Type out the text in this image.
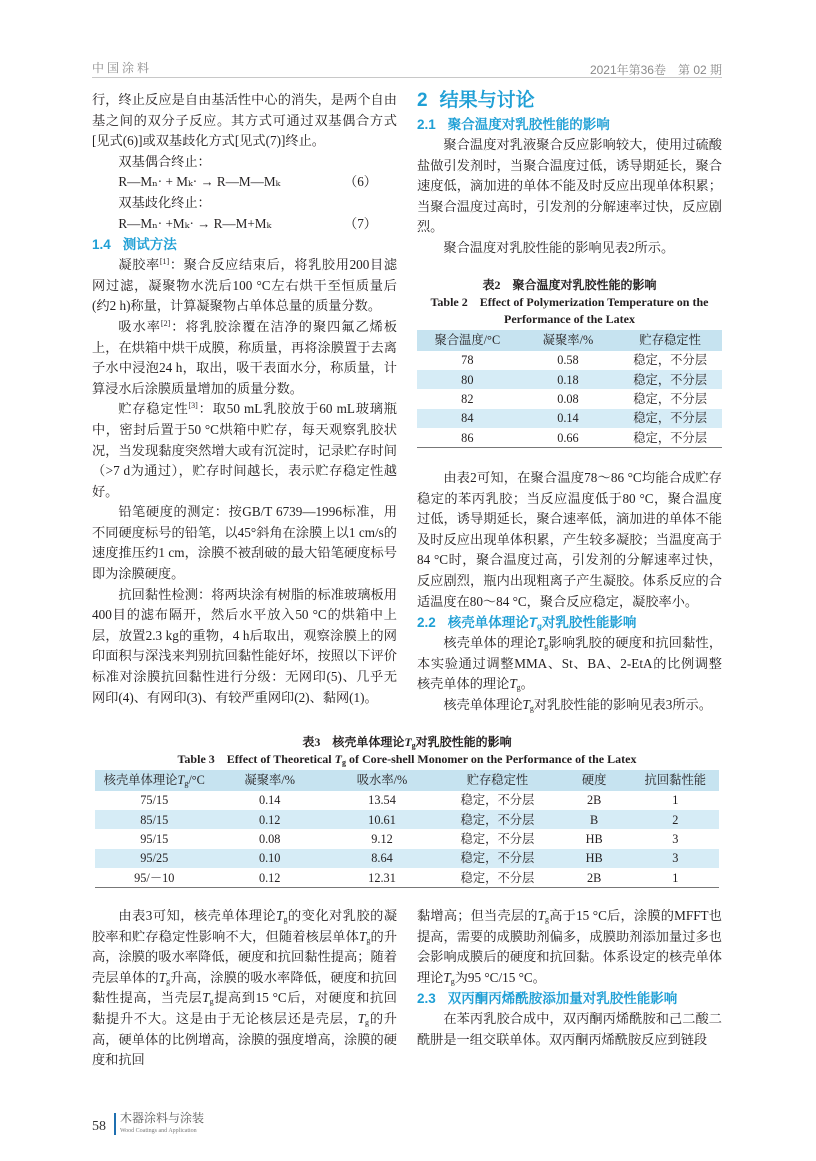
中国涂料	2021年第36卷　第 02 期
行，终止反应是自由基活性中心的消失，是两个自由基之间的双分子反应。其方式可通过双基偶合方式[见式(6)]或双基歧化方式[见式(7)]终止。
双基偶合终止：
R—Mₙ· + Mₖ· → R—M—Mₖ	（6）
双基歧化终止：
R—Mₙ· +Mₖ· → R—M+Mₖ	（7）
1.4 测试方法
凝胶率[1]：聚合反应结束后，将乳胶用200目滤网过滤，凝聚物水洗后100 °C左右烘干至恒质量后(约2 h)称量，计算凝聚物占单体总量的质量分数。
吸水率[2]：将乳胶涂覆在洁净的聚四氟乙烯板上，在烘箱中烘干成膜，称质量，再将涂膜置于去离子水中浸泡24 h，取出，吸干表面水分，称质量，计算浸水后涂膜质量增加的质量分数。
贮存稳定性[3]：取50 mL乳胶放于60 mL玻璃瓶中，密封后置于50 °C烘箱中贮存，每天观察乳胶状况，当发现黏度突然增大或有沉淀时，记录贮存时间（>7 d为通过），贮存时间越长，表示贮存稳定性越好。
铅笔硬度的测定：按GB/T 6739—1996标准，用不同硬度标号的铅笔，以45°斜角在涂膜上以1 cm/s的速度推压约1 cm，涂膜不被刮破的最大铅笔硬度标号即为涂膜硬度。
抗回黏性检测：将两块涂有树脂的标准玻璃板用400目的滤布隔开，然后水平放入50 °C的烘箱中上层，放置2.3 kg的重物，4 h后取出，观察涂膜上的网印面积与深浅来判别抗回黏性能好坏，按照以下评价标准对涂膜抗回黏性进行分级：无网印(5)、几乎无网印(4)、有网印(3)、有较严重网印(2)、黏网(1)。
2 结果与讨论
2.1 聚合温度对乳胶性能的影响
聚合温度对乳液聚合反应影响较大，使用过硫酸盐做引发剂时，当聚合温度过低，诱导期延长，聚合速度低，滴加进的单体不能及时反应出现单体积累；当聚合温度过高时，引发剂的分解速率过快，反应剧烈。
聚合温度对乳胶性能的影响见表2所示。
表2　聚合温度对乳胶性能的影响
Table 2　Effect of Polymerization Temperature on the Performance of the Latex
聚合温度/°C	凝聚率/%	贮存稳定性
78	0.58	稳定，不分层
80	0.18	稳定，不分层
82	0.08	稳定，不分层
84	0.14	稳定，不分层
86	0.66	稳定，不分层
由表2可知，在聚合温度78～86 °C均能合成贮存稳定的苯丙乳胶；当反应温度低于80 °C，聚合温度过低，诱导期延长，聚合速率低，滴加进的单体不能及时反应出现单体积累，产生较多凝胶；当温度高于84 °C时，聚合温度过高，引发剂的分解速率过快，反应剧烈，瓶内出现粗离子产生凝胶。体系反应的合适温度在80～84 °C，聚合反应稳定，凝胶率小。
2.2 核壳单体理论$T_g$对乳胶性能影响
核壳单体的理论$T_g$影响乳胶的硬度和抗回黏性，本实验通过调整MMA、St、BA、2-EtA的比例调整核壳单体的理论$T_g$。
核壳单体理论$T_g$对乳胶性能的影响见表3所示。
表3　核壳单体理论$T_g$对乳胶性能的影响
Table 3　Effect of Theoretical $T_g$ of Core-shell Monomer on the Performance of the Latex
核壳单体理论$T_g/^\circ C$	凝聚率/%	吸水率/%	贮存稳定性	硬度	抗回黏性能
75/15	0.14	13.54	稳定，不分层	2B	1
85/15	0.12	10.61	稳定，不分层	B	2
95/15	0.08	9.12	稳定，不分层	HB	3
95/25	0.10	8.64	稳定，不分层	HB	3
95/－10	0.12	12.31	稳定，不分层	2B	1
由表3可知，核壳单体理论$T_g$的变化对乳胶的凝胶率和贮存稳定性影响不大，但随着核层单体$T_g$的升高，涂膜的吸水率降低，硬度和抗回黏性提高；随着壳层单体的$T_g$升高，涂膜的吸水率降低，硬度和抗回黏性提高，当壳层$T_g$提高到15 °C后，对硬度和抗回黏提升不大。这是由于无论核层还是壳层，$T_g$的升高，硬单体的比例增高，涂膜的强度增高，涂膜的硬度和抗回
黏增高；但当壳层的$T_g$高于15 °C后，涂膜的MFFT也提高，需要的成膜助剂偏多，成膜助剂添加量过多也会影响成膜后的硬度和抗回黏。体系设定的核壳单体理论$T_g$为95 °C/15 °C。
2.3 双丙酮丙烯酰胺添加量对乳胶性能影响
在苯丙乳胶合成中，双丙酮丙烯酰胺和己二酸二酰肼是一组交联单体。双丙酮丙烯酰胺反应到链段
58
木器涂料与涂装
Wood Coatings and Application
